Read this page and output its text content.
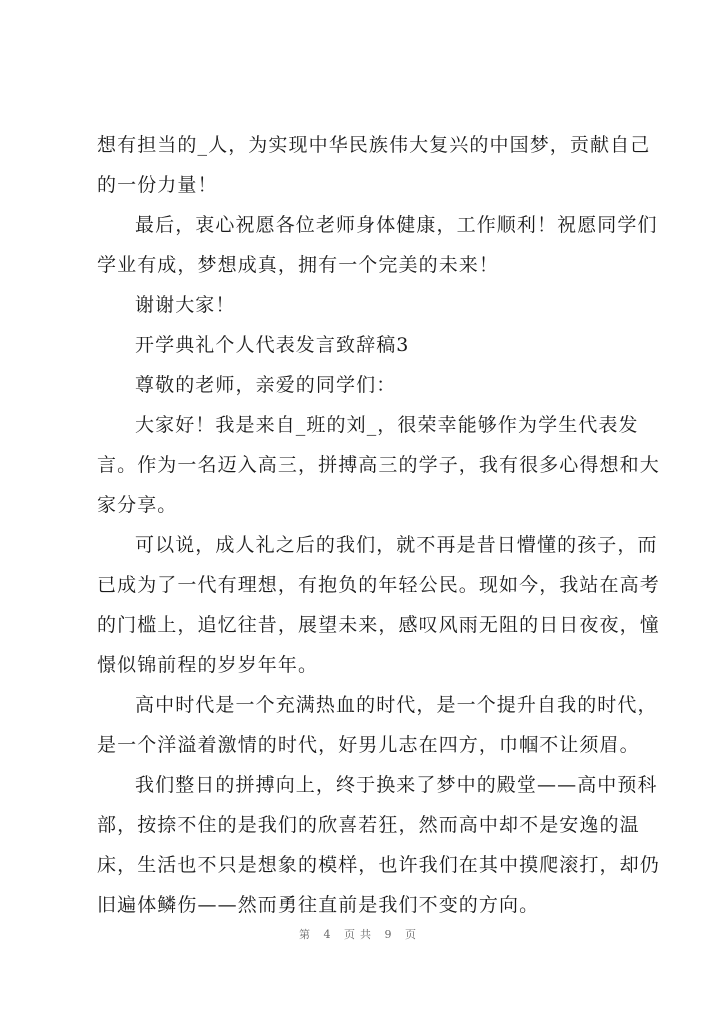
想有担当的_人，为实现中华民族伟大复兴的中国梦，贡献自己
的一份力量！
最后，衷心祝愿各位老师身体健康，工作顺利！祝愿同学们
学业有成，梦想成真，拥有一个完美的未来！
谢谢大家！
开学典礼个人代表发言致辞稿3
尊敬的老师，亲爱的同学们：
大家好！我是来自_班的刘_，很荣幸能够作为学生代表发
言。作为一名迈入高三，拼搏高三的学子，我有很多心得想和大
家分享。
可以说，成人礼之后的我们，就不再是昔日懵懂的孩子，而
已成为了一代有理想，有抱负的年轻公民。现如今，我站在高考
的门槛上，追忆往昔，展望未来，感叹风雨无阻的日日夜夜，憧
憬似锦前程的岁岁年年。
高中时代是一个充满热血的时代，是一个提升自我的时代，
是一个洋溢着激情的时代，好男儿志在四方，巾帼不让须眉。
我们整日的拼搏向上，终于换来了梦中的殿堂——高中预科
部，按捺不住的是我们的欣喜若狂，然而高中却不是安逸的温
床，生活也不只是想象的模样，也许我们在其中摸爬滚打，却仍
旧遍体鳞伤——然而勇往直前是我们不变的方向。
第 4 页共 9 页
